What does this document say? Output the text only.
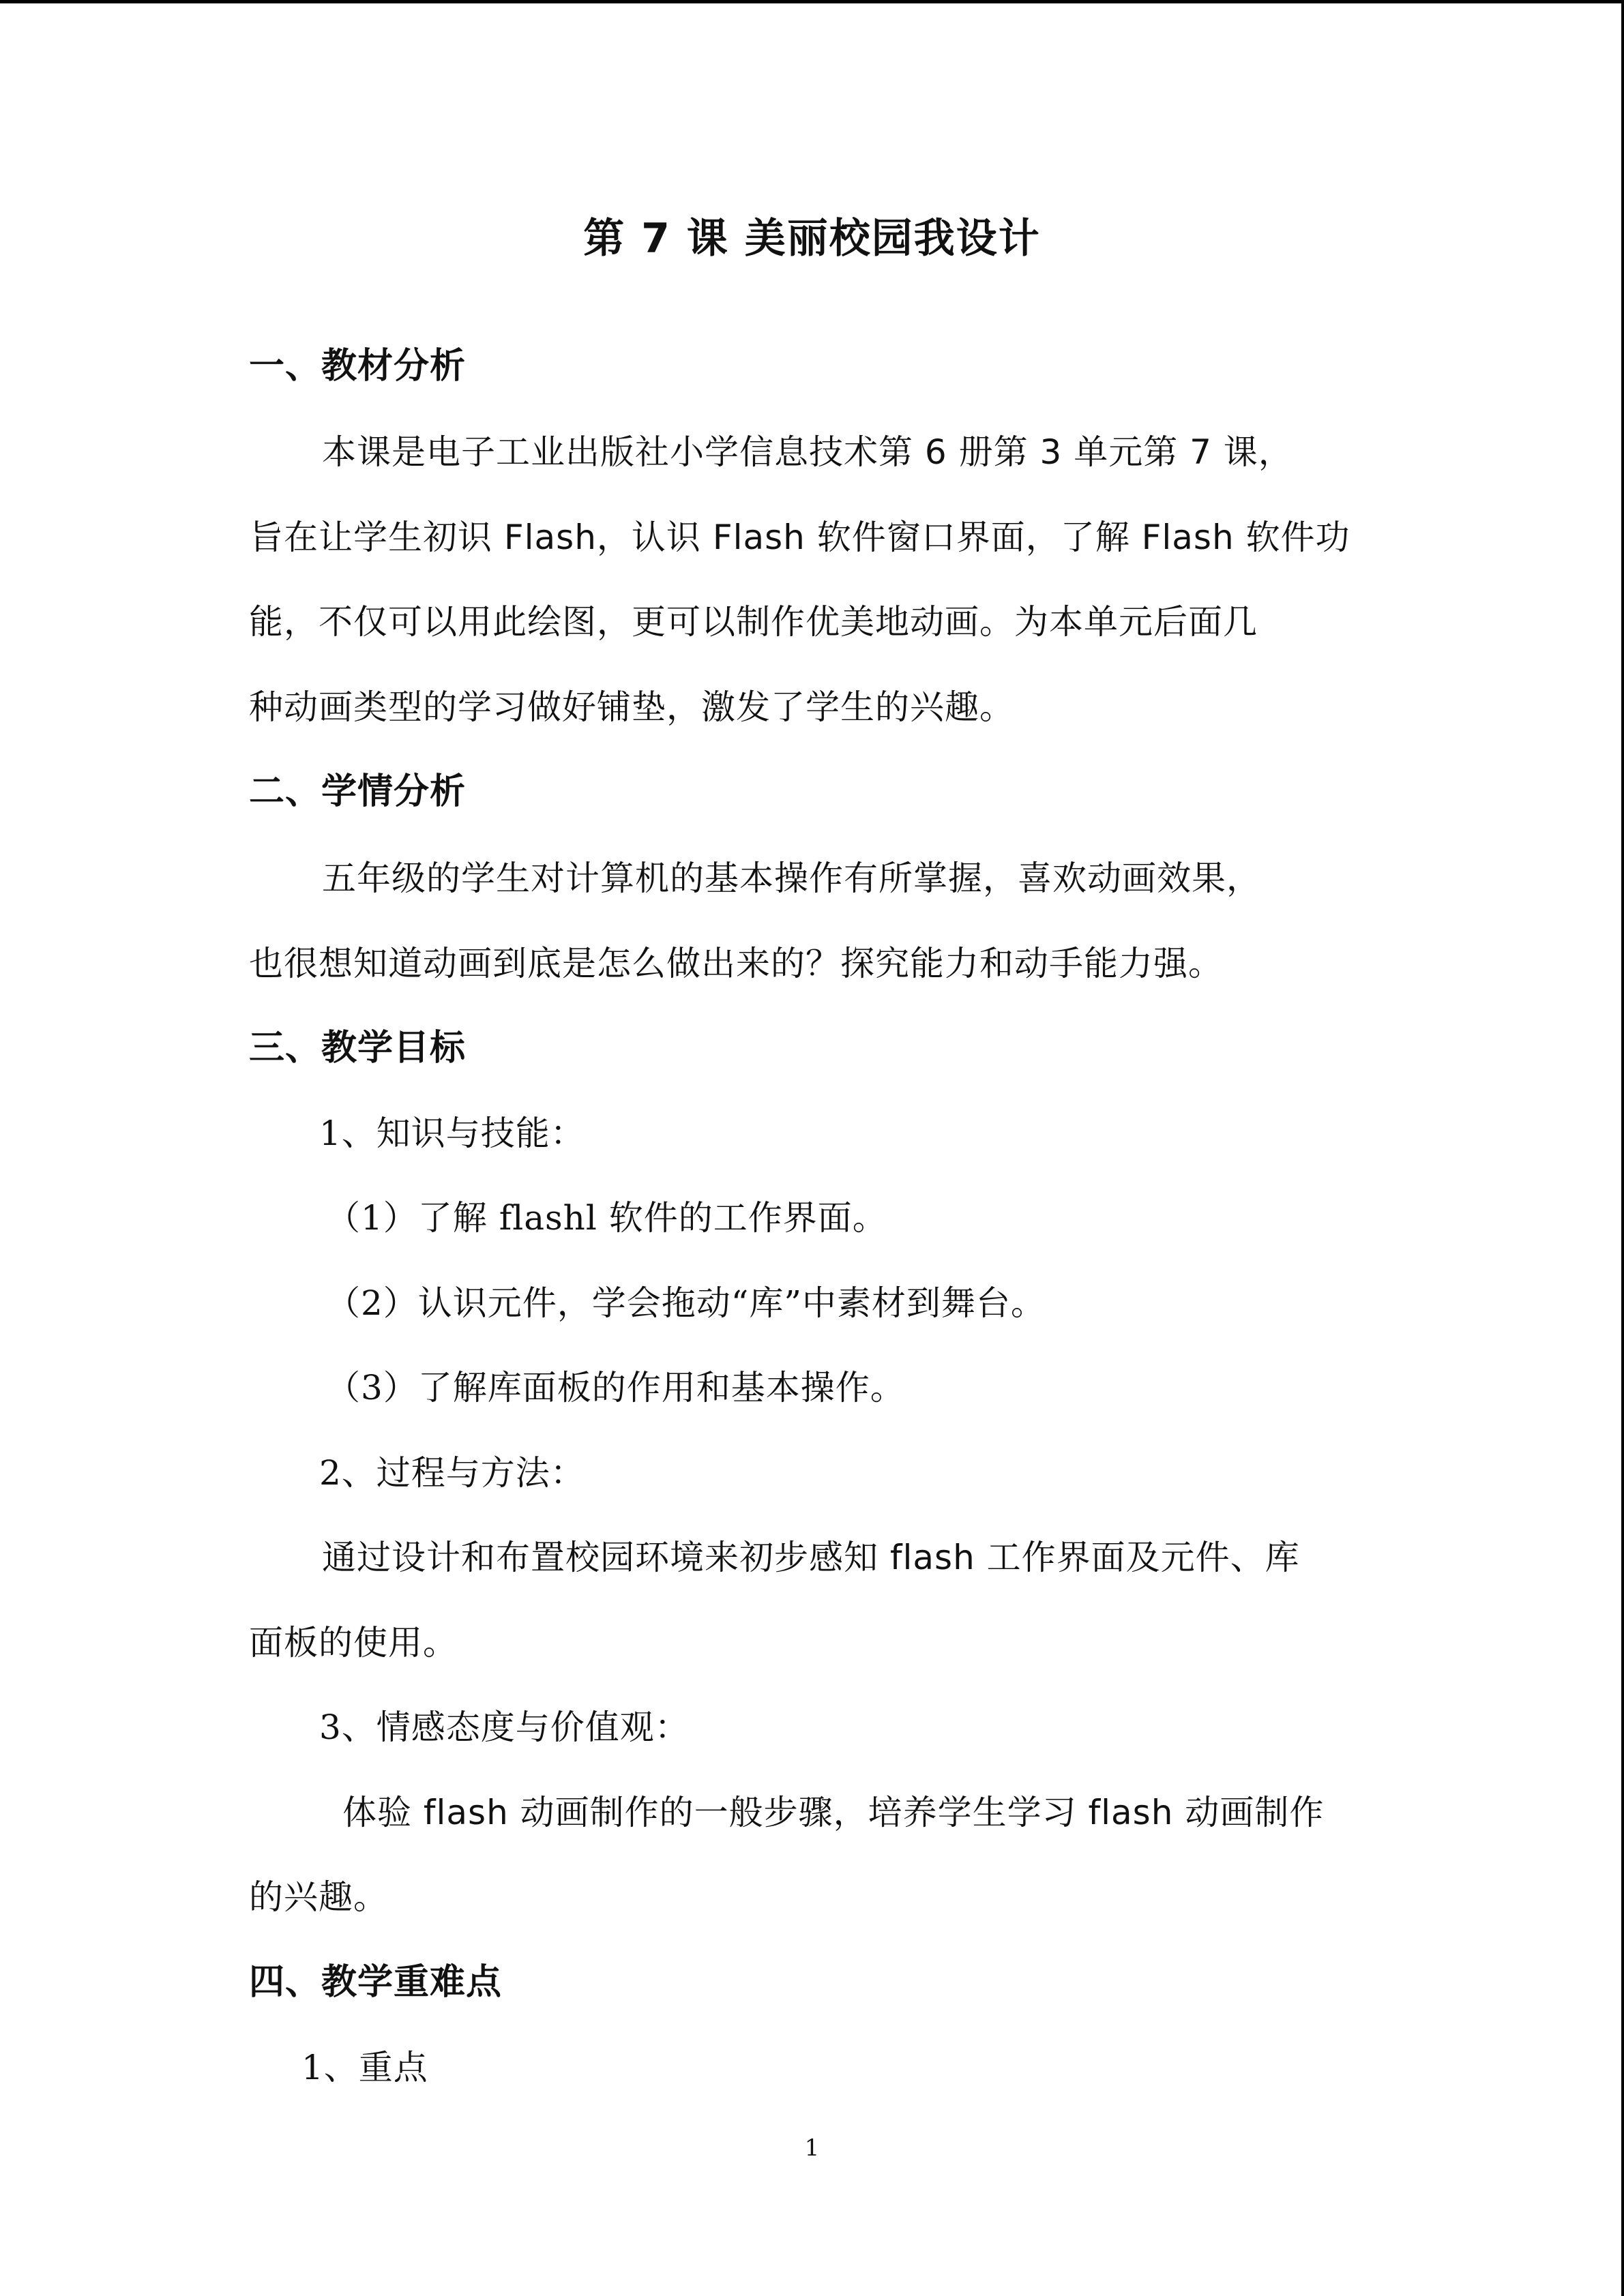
第 7 课 美丽校园我设计
一、教材分析
本课是电子工业出版社小学信息技术第 6 册第 3 单元第 7 课，
旨在让学生初识 Flash，认识 Flash 软件窗口界面，了解 Flash 软件功
能，不仅可以用此绘图，更可以制作优美地动画。为本单元后面几
种动画类型的学习做好铺垫，激发了学生的兴趣。
二、学情分析
五年级的学生对计算机的基本操作有所掌握，喜欢动画效果，
也很想知道动画到底是怎么做出来的？探究能力和动手能力强。
三、教学目标
1、知识与技能：
（1）了解 flashl 软件的工作界面。
（2）认识元件，学会拖动“库”中素材到舞台。
（3）了解库面板的作用和基本操作。
2、过程与方法：
通过设计和布置校园环境来初步感知 flash 工作界面及元件、库
面板的使用。
3、情感态度与价值观：
体验 flash 动画制作的一般步骤，培养学生学习 flash 动画制作
的兴趣。
四、教学重难点
1、重点
1
